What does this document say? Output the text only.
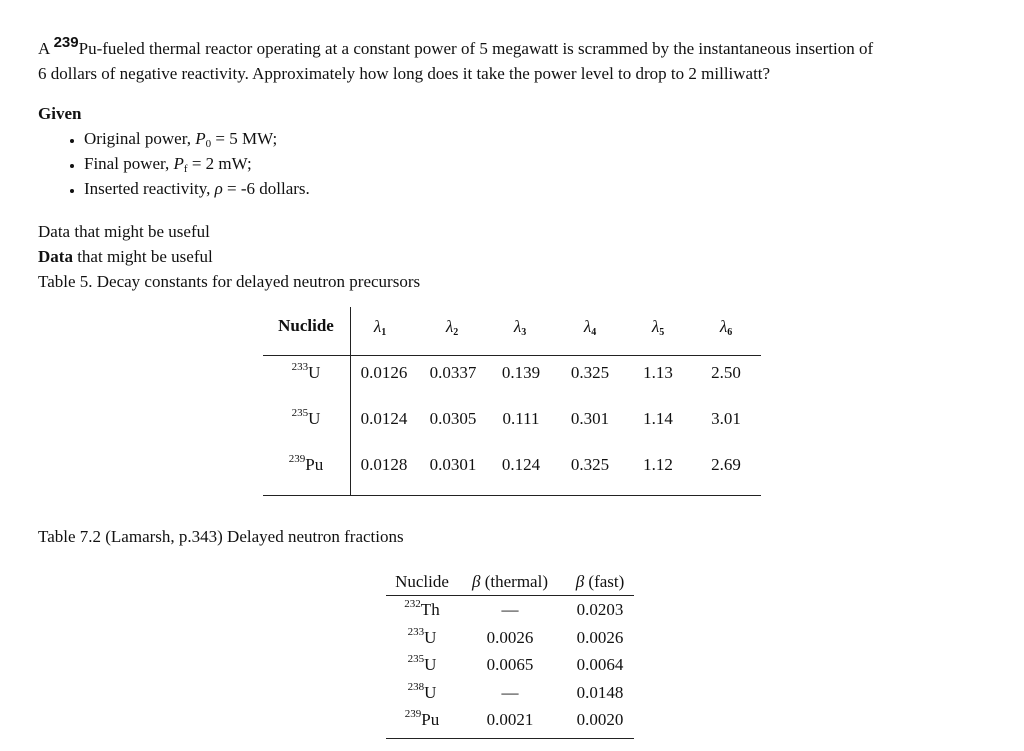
A 239Pu-fueled thermal reactor operating at a constant power of 5 megawatt is scrammed by the instantaneous insertion of
6 dollars of negative reactivity. Approximately how long does it take the power level to drop to 2 milliwatt?
Given
• Original power, $P_0 = 5$ MW;
• Final power, $P_f = 2$ mW;
• Inserted reactivity, ρ = -6 dollars.
Data that might be useful
Data that might be useful
Table 5. Decay constants for delayed neutron precursors
Nuclide $\lambda_1$	$\lambda_2$	$\lambda_3$	$\lambda_4$	$\lambda_5$	$\lambda_6$
$^{233}$U 0.0126 0.0337 0.139 0.325 1.13 2.50
$^{235}$U 0.0124 0.0305 0.111 0.301 1.14 3.01
$^{239}$Pu 0.0128 0.0301 0.124 0.325 1.12 2.69
Table 7.2 (Lamarsh, p.343) Delayed neutron fractions
Nuclide β (thermal) β (fast)
$^{232}$Th	—	0.0203
$^{233}$U	0.0026	0.0026
$^{235}$U	0.0065	0.0064
$^{238}$U	—	0.0148
$^{239}$Pu	0.0021	0.0020
